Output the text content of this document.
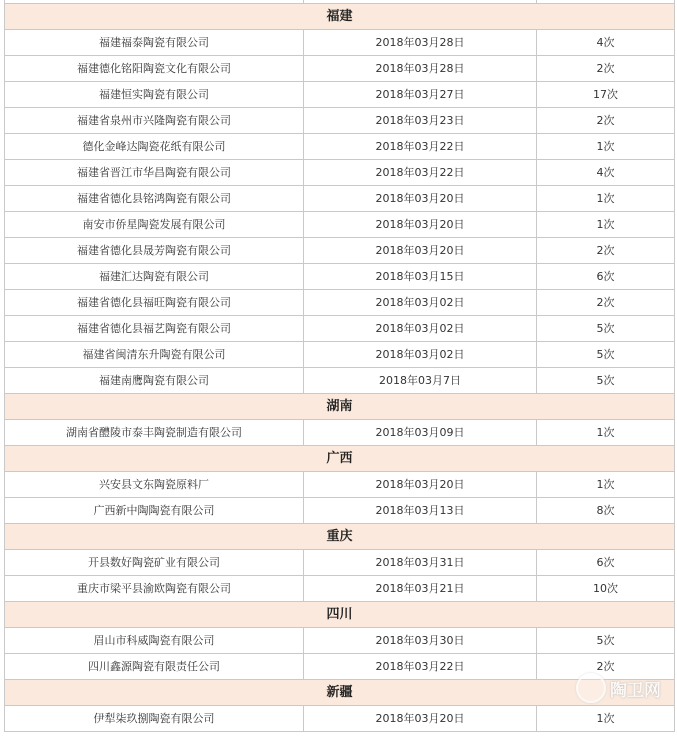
福建		
福建福泰陶瓷有限公司	2018年03月28日	4次
福建德化铭阳陶瓷文化有限公司	2018年03月28日	2次
福建恒实陶瓷有限公司	2018年03月27日	17次
福建省泉州市兴隆陶瓷有限公司	2018年03月23日	2次
德化金峰达陶瓷花纸有限公司	2018年03月22日	1次
福建省晋江市华昌陶瓷有限公司	2018年03月22日	4次
福建省德化县铭鸿陶瓷有限公司	2018年03月20日	1次
南安市侨星陶瓷发展有限公司	2018年03月20日	1次
福建省德化县晟芳陶瓷有限公司	2018年03月20日	2次
福建汇达陶瓷有限公司	2018年03月15日	6次
福建省德化县福旺陶瓷有限公司	2018年03月02日	2次
福建省德化县福艺陶瓷有限公司	2018年03月02日	5次
福建省闽清东升陶瓷有限公司	2018年03月02日	5次
福建南鹰陶瓷有限公司	2018年03月7日	5次
湖南		
湖南省醴陵市泰丰陶瓷制造有限公司	2018年03月09日	1次
广西		
兴安县文东陶瓷原料厂	2018年03月20日	1次
广西新中陶陶瓷有限公司	2018年03月13日	8次
重庆		
开县数好陶瓷矿业有限公司	2018年03月31日	6次
重庆市梁平县渝欧陶瓷有限公司	2018年03月21日	10次
四川		
眉山市科威陶瓷有限公司	2018年03月30日	5次
四川鑫源陶瓷有限责任公司	2018年03月22日	2次
新疆		
伊犁柒玖捌陶瓷有限公司	2018年03月20日	1次
陶卫网
